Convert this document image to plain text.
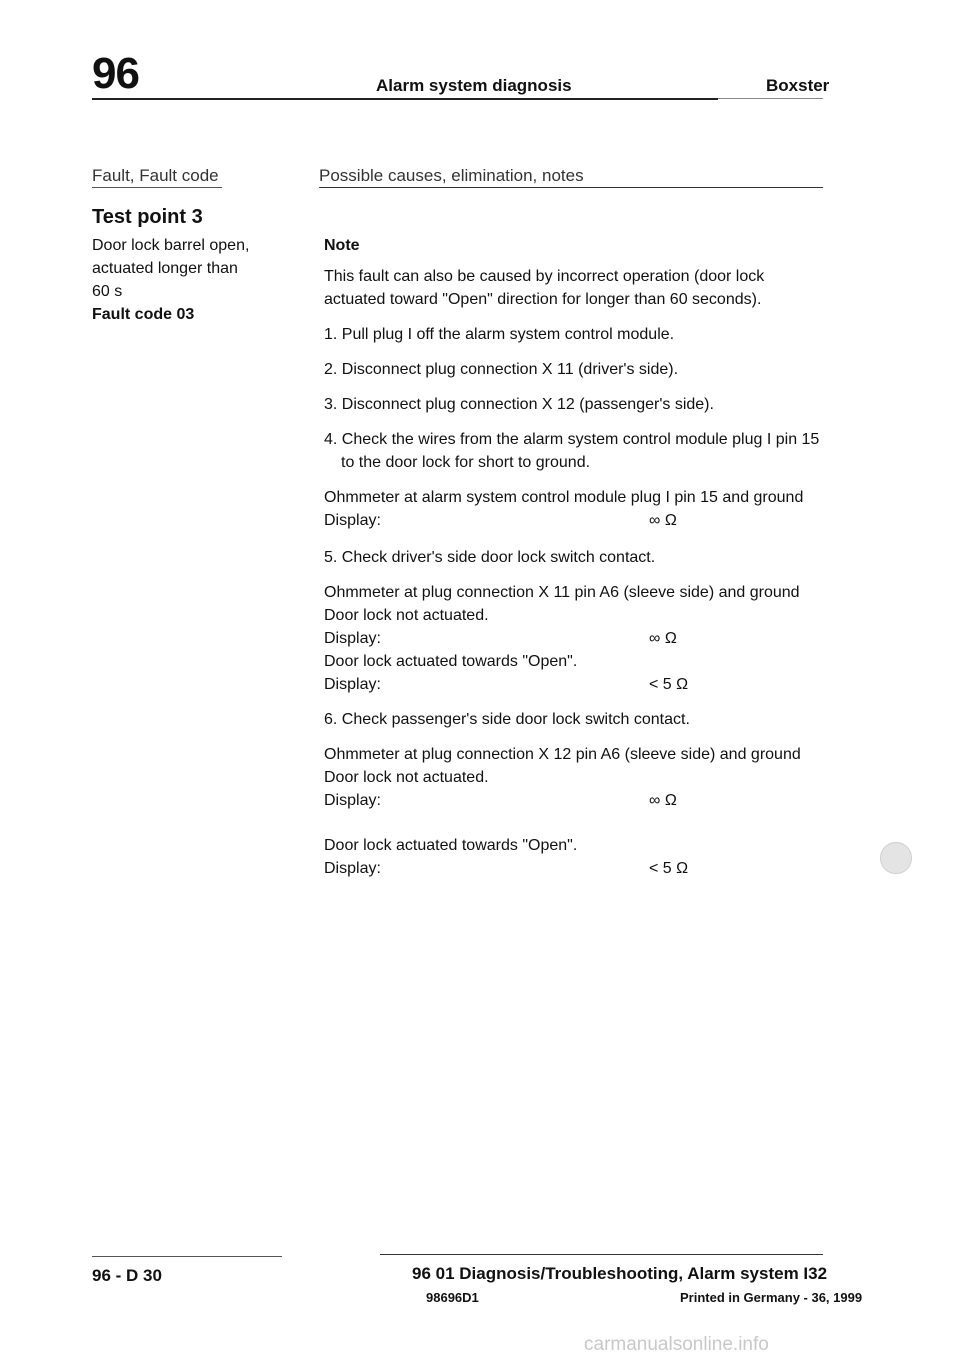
96	Alarm system diagnosis	Boxster
Fault, Fault code	Possible causes, elimination, notes
Test point 3
Door lock barrel open,
actuated longer than
60 s
Fault code 03

Note

This fault can also be caused by incorrect operation (door lock

actuated toward "Open" direction for longer than 60 seconds).

1. Pull plug I off the alarm system control module.

2. Disconnect plug connection X 11 (driver's side).

3. Disconnect plug connection X 12 (passenger's side).

4. Check the wires from the alarm system control module plug I pin 15

to the door lock for short to ground.

Ohmmeter at alarm system control module plug I pin 15 and ground

Display:	∞ Ω

5. Check driver's side door lock switch contact.

Ohmmeter at plug connection X 11 pin A6 (sleeve side) and ground

Door lock not actuated.

Display:	∞ Ω

Door lock actuated towards "Open".

Display:	< 5 Ω

6. Check passenger's side door lock switch contact.

Ohmmeter at plug connection X 12 pin A6 (sleeve side) and ground

Door lock not actuated.

Display:	∞ Ω

Door lock actuated towards "Open".

Display:	< 5 Ω
96 - D 30	96 01 Diagnosis/Troubleshooting, Alarm system I32
98696D1	Printed in Germany - 36, 1999
carmanualsonline.info
